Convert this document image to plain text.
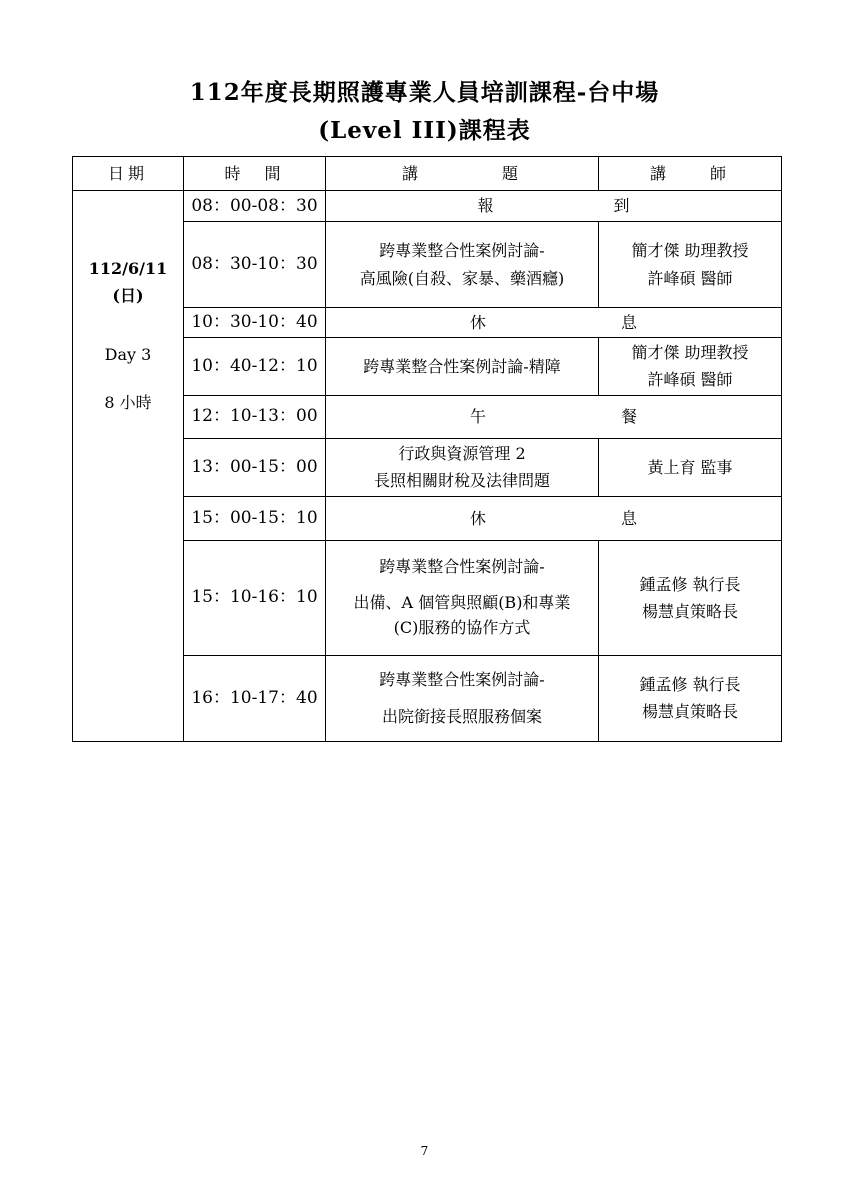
112年度長期照護專業人員培訓課程-台中場
(Level III)課程表
日期	時　間	講　　　　題	講　　師

112/6/11
(日)
Day 3
8 小時	08：00-08：30	報 到	
	08：30-10：30	跨專業整合性案例討論-
高風險(自殺、家暴、藥酒癮)	簡才傑 助理教授
許峰碩 醫師

	10：30-10：40	休 息	
	10：40-12：10	跨專業整合性案例討論-精障	簡才傑 助理教授
許峰碩 醫師

	12：10-13：00	午 餐	
	13：00-15：00	行政與資源管理 2
長照相關財稅及法律問題	黃上育 監事

	15：00-15：10	休 息	
	15：10-16：10	跨專業整合性案例討論-
出備、A 個管與照顧(B)和專業
(C)服務的協作方式	鍾孟修 執行長
楊慧貞策略長

	16：10-17：40	跨專業整合性案例討論-
出院銜接長照服務個案	鍾孟修 執行長
楊慧貞策略長
7
